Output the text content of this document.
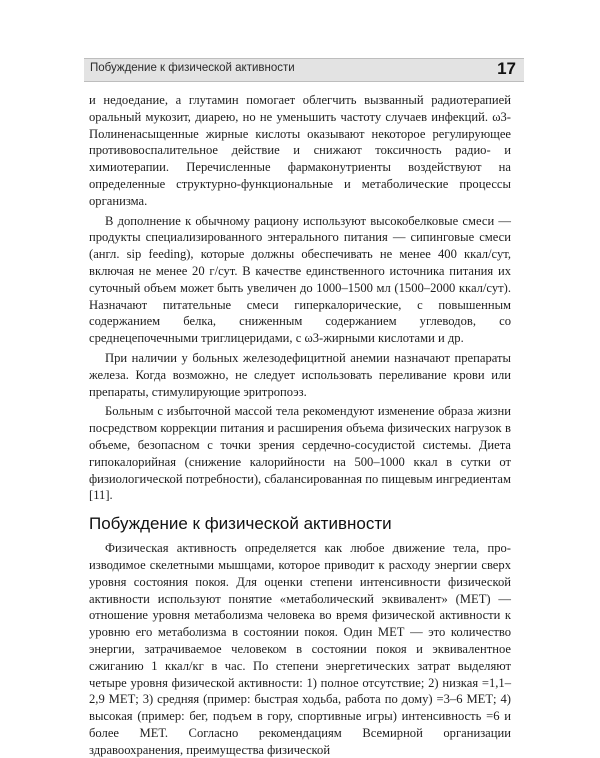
Побуждение к физической активности	17

и недоедание, а глутамин помогает облегчить вызванный радиотерапией оральный мукозит, диарею, но не уменьшить частоту случаев инфекций. ω3-Полиненасыщенные жирные кислоты оказывают некоторое регулирующее противовоспалительное действие и снижают токсичность радио- и химиотерапии. Перечисленные фармаконутриенты воздействуют на определенные структурно-функциональные и метаболические процессы организма.

В дополнение к обычному рациону используют высокобелковые смеси — продукты специализированного энтерального питания — сипинговые смеси (англ. sip feeding), которые должны обеспечивать не менее 400 ккал/сут, включая не менее 20 г/сут. В качестве единственного источника питания их суточный объем может быть увеличен до 1000–1500 мл (1500–2000 ккал/сут). Назначают питательные смеси гиперкалорические, с повышенным содержанием белка, сниженным содержанием углеводов, со среднецепочечными триглицеридами, с ω3-жирными кислотами и др.

При наличии у больных железодефицитной анемии назначают препараты железа. Когда возможно, не следует использовать переливание крови или препараты, стимулирующие эритропоэз.

Больным с избыточной массой тела рекомендуют изменение образа жизни посредством коррекции питания и расширения объема физических нагрузок в объеме, безопасном с точки зрения сердечно-сосудистой системы. Диета гипокалорийная (снижение калорийности на 500–1000 ккал в сутки от физиологической потребности), сбалансированная по пищевым ингредиентам [11].

Побуждение к физической активности

Физическая активность определяется как любое движение тела, производимое скелетными мышцами, которое приводит к расходу энергии сверх уровня состояния покоя. Для оценки степени интенсивности физической активности используют понятие «метаболический эквивалент» (МЕТ) — отношение уровня метаболизма человека во время физической активности к уровню его метаболизма в состоянии покоя. Один МЕТ — это количество энергии, затрачиваемое человеком в состоянии покоя и эквивалентное сжиганию 1 ккал/кг в час. По степени энергетических затрат выделяют четыре уровня физической активности: 1) полное отсутствие; 2) низкая =1,1–2,9 МЕТ; 3) средняя (пример: быстрая ходьба, работа по дому) =3–6 МЕТ; 4) высокая (пример: бег, подъем в гору, спортивные игры) интенсивность =6 и более МЕТ. Согласно рекомендациям Всемирной организации здравоохранения, преимущества физической
